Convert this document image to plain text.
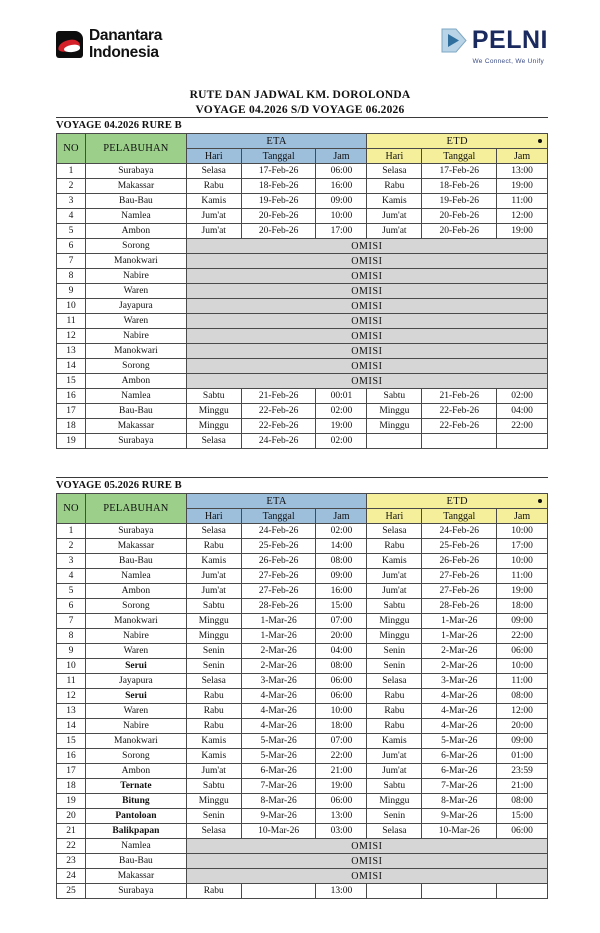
Danantara
Indonesia	PELNI
We Connect, We Unify
RUTE DAN JADWAL KM. DOROLONDA
VOYAGE 04.2026 S/D VOYAGE 06.2026
VOYAGE 04.2026 RURE B
NO	PELABUHAN	ETA			ETD		

		Hari	Tanggal	Jam	Hari	Tanggal	Jam
1	Surabaya	Selasa	17-Feb-26	06:00	Selasa	17-Feb-26	13:00
2	Makassar	Rabu	18-Feb-26	16:00	Rabu	18-Feb-26	19:00
3	Bau-Bau	Kamis	19-Feb-26	09:00	Kamis	19-Feb-26	11:00
4	Namlea	Jum'at	20-Feb-26	10:00	Jum'at	20-Feb-26	12:00
5	Ambon	Jum'at	20-Feb-26	17:00	Jum'at	20-Feb-26	19:00
6	Sorong	OMISI					
7	Manokwari	OMISI					
8	Nabire	OMISI					
9	Waren	OMISI					
10	Jayapura	OMISI					
11	Waren	OMISI					
12	Nabire	OMISI					
13	Manokwari	OMISI					
14	Sorong	OMISI					
15	Ambon	OMISI					
16	Namlea	Sabtu	21-Feb-26	00:01	Sabtu	21-Feb-26	02:00
17	Bau-Bau	Minggu	22-Feb-26	02:00	Minggu	22-Feb-26	04:00
18	Makassar	Minggu	22-Feb-26	19:00	Minggu	22-Feb-26	22:00
19	Surabaya	Selasa	24-Feb-26	02:00			
VOYAGE 05.2026 RURE B
NO	PELABUHAN	ETA			ETD		

		Hari	Tanggal	Jam	Hari	Tanggal	Jam
1	Surabaya	Selasa	24-Feb-26	02:00	Selasa	24-Feb-26	10:00
2	Makassar	Rabu	25-Feb-26	14:00	Rabu	25-Feb-26	17:00
3	Bau-Bau	Kamis	26-Feb-26	08:00	Kamis	26-Feb-26	10:00
4	Namlea	Jum'at	27-Feb-26	09:00	Jum'at	27-Feb-26	11:00
5	Ambon	Jum'at	27-Feb-26	16:00	Jum'at	27-Feb-26	19:00
6	Sorong	Sabtu	28-Feb-26	15:00	Sabtu	28-Feb-26	18:00
7	Manokwari	Minggu	1-Mar-26	07:00	Minggu	1-Mar-26	09:00
8	Nabire	Minggu	1-Mar-26	20:00	Minggu	1-Mar-26	22:00
9	Waren	Senin	2-Mar-26	04:00	Senin	2-Mar-26	06:00
10	Serui	Senin	2-Mar-26	08:00	Senin	2-Mar-26	10:00
11	Jayapura	Selasa	3-Mar-26	06:00	Selasa	3-Mar-26	11:00
12	Serui	Rabu	4-Mar-26	06:00	Rabu	4-Mar-26	08:00
13	Waren	Rabu	4-Mar-26	10:00	Rabu	4-Mar-26	12:00
14	Nabire	Rabu	4-Mar-26	18:00	Rabu	4-Mar-26	20:00
15	Manokwari	Kamis	5-Mar-26	07:00	Kamis	5-Mar-26	09:00
16	Sorong	Kamis	5-Mar-26	22:00	Jum'at	6-Mar-26	01:00
17	Ambon	Jum'at	6-Mar-26	21:00	Jum'at	6-Mar-26	23:59
18	Ternate	Sabtu	7-Mar-26	19:00	Sabtu	7-Mar-26	21:00
19	Bitung	Minggu	8-Mar-26	06:00	Minggu	8-Mar-26	08:00
20	Pantoloan	Senin	9-Mar-26	13:00	Senin	9-Mar-26	15:00
21	Balikpapan	Selasa	10-Mar-26	03:00	Selasa	10-Mar-26	06:00
22	Namlea	OMISI					
23	Bau-Bau	OMISI					
24	Makassar	OMISI					
25	Surabaya	Rabu		13:00			
